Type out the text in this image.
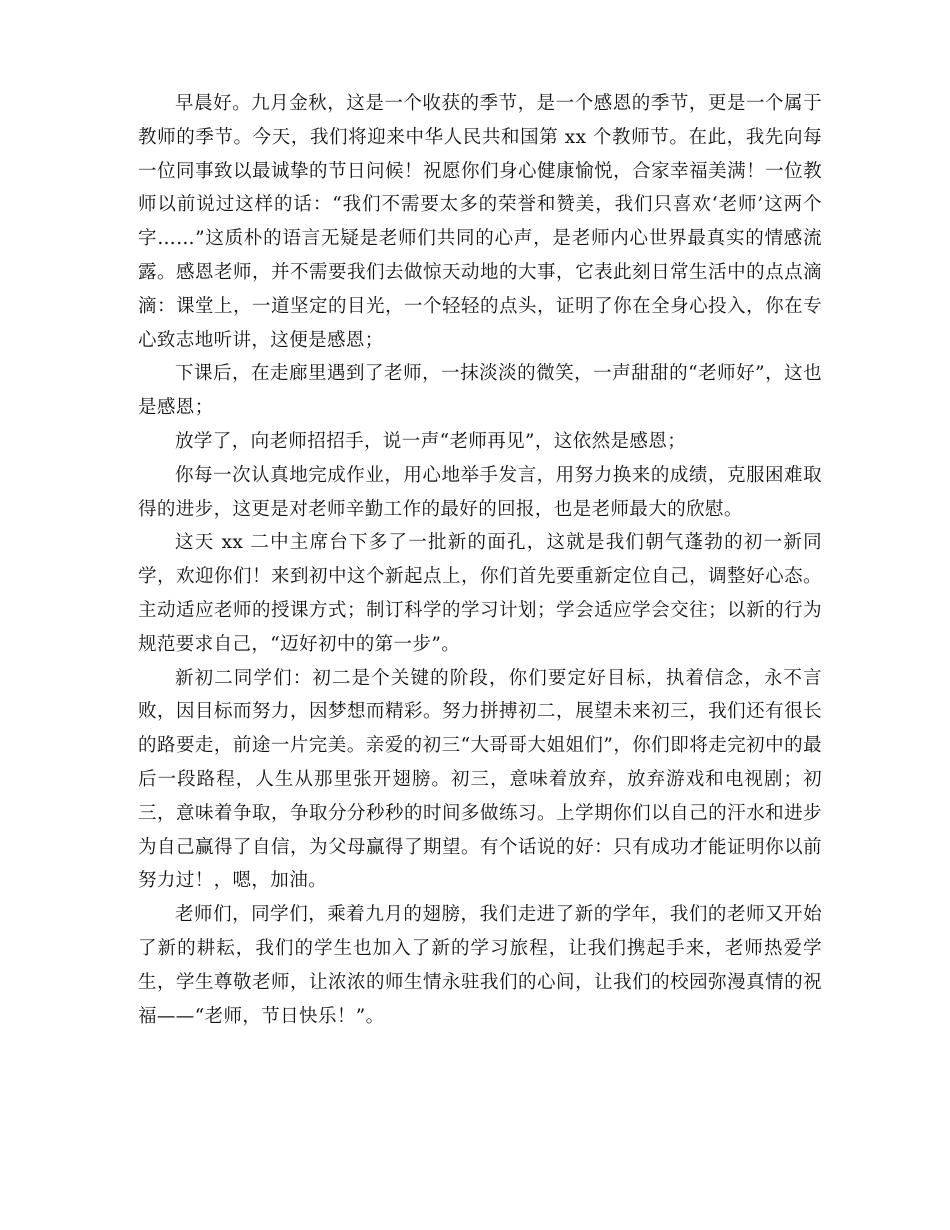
早晨好。九月金秋，这是一个收获的季节，是一个感恩的季节，更是一个属于教师的季节。今天，我们将迎来中华人民共和国第 xx 个教师节。在此，我先向每一位同事致以最诚挚的节日问候！祝愿你们身心健康愉悦，合家幸福美满！一位教师以前说过这样的话：“我们不需要太多的荣誉和赞美，我们只喜欢‘老师’这两个字……”这质朴的语言无疑是老师们共同的心声，是老师内心世界最真实的情感流露。感恩老师，并不需要我们去做惊天动地的大事，它表此刻日常生活中的点点滴滴：课堂上，一道坚定的目光，一个轻轻的点头，证明了你在全身心投入，你在专心致志地听讲，这便是感恩；

下课后，在走廊里遇到了老师，一抹淡淡的微笑，一声甜甜的“老师好”，这也是感恩；

放学了，向老师招招手，说一声“老师再见”，这依然是感恩；

你每一次认真地完成作业，用心地举手发言，用努力换来的成绩，克服困难取得的进步，这更是对老师辛勤工作的最好的回报，也是老师最大的欣慰。

这天 xx 二中主席台下多了一批新的面孔，这就是我们朝气蓬勃的初一新同学，欢迎你们！来到初中这个新起点上，你们首先要重新定位自己，调整好心态。主动适应老师的授课方式；制订科学的学习计划；学会适应学会交往；以新的行为规范要求自己，“迈好初中的第一步”。

新初二同学们：初二是个关键的阶段，你们要定好目标，执着信念，永不言败，因目标而努力，因梦想而精彩。努力拼搏初二，展望未来初三，我们还有很长的路要走，前途一片完美。亲爱的初三“大哥哥大姐姐们”，你们即将走完初中的最后一段路程，人生从那里张开翅膀。初三，意味着放弃，放弃游戏和电视剧；初三，意味着争取，争取分分秒秒的时间多做练习。上学期你们以自己的汗水和进步为自己赢得了自信，为父母赢得了期望。有个话说的好：只有成功才能证明你以前努力过！，嗯，加油。

老师们，同学们，乘着九月的翅膀，我们走进了新的学年，我们的老师又开始了新的耕耘，我们的学生也加入了新的学习旅程，让我们携起手来，老师热爱学生，学生尊敬老师，让浓浓的师生情永驻我们的心间，让我们的校园弥漫真情的祝福——“老师，节日快乐！”。
